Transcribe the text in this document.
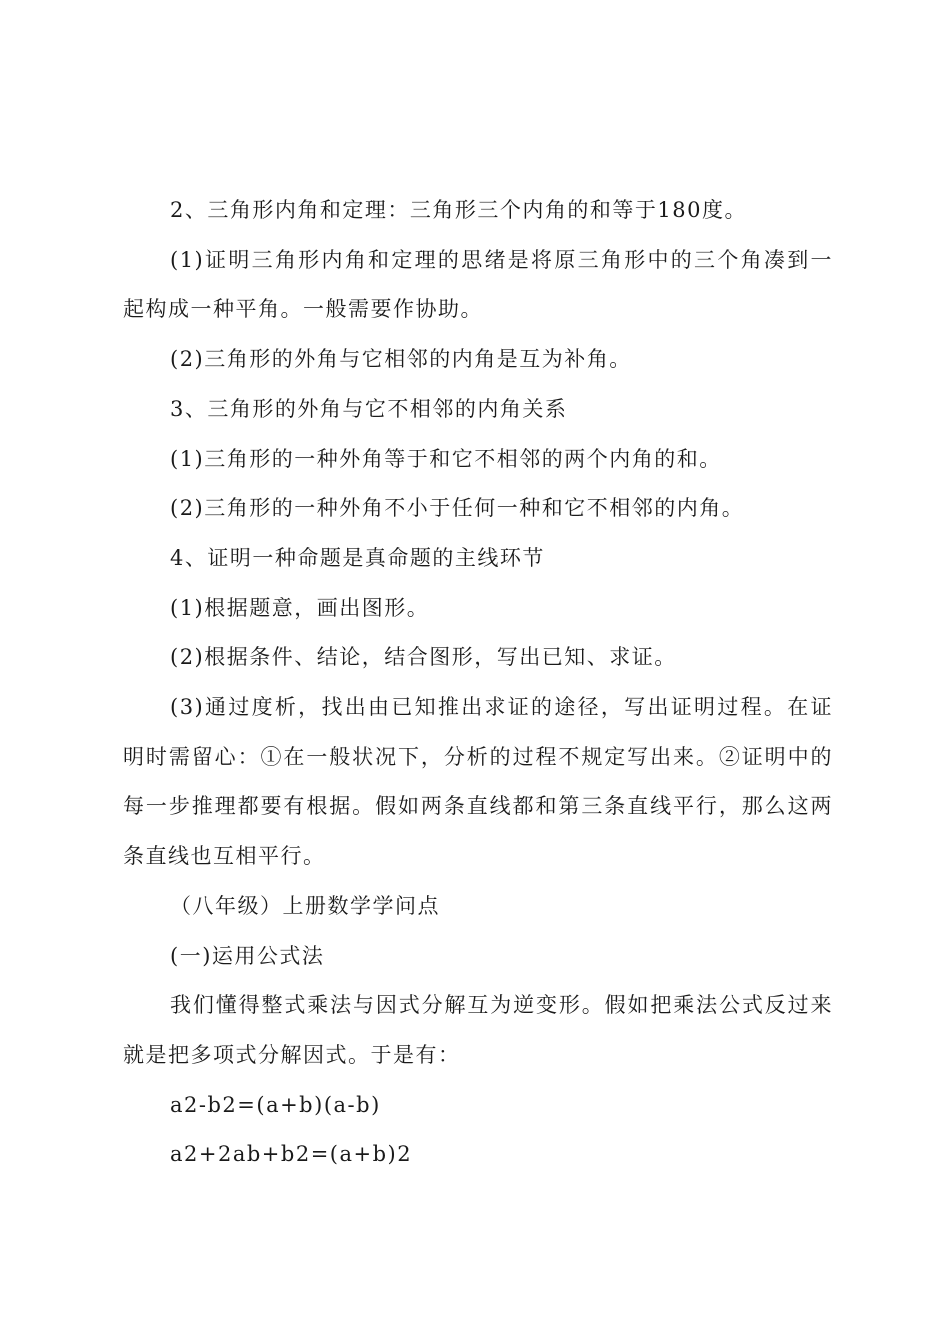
2、三角形内角和定理：三角形三个内角的和等于180度。

(1)证明三角形内角和定理的思绪是将原三角形中的三个角凑到一起构成一种平角。一般需要作协助。

(2)三角形的外角与它相邻的内角是互为补角。

3、三角形的外角与它不相邻的内角关系

(1)三角形的一种外角等于和它不相邻的两个内角的和。

(2)三角形的一种外角不小于任何一种和它不相邻的内角。

4、证明一种命题是真命题的主线环节

(1)根据题意，画出图形。

(2)根据条件、结论，结合图形，写出已知、求证。

(3)通过度析，找出由已知推出求证的途径，写出证明过程。在证明时需留心：①在一般状况下，分析的过程不规定写出来。②证明中的每一步推理都要有根据。假如两条直线都和第三条直线平行，那么这两条直线也互相平行。

（八年级）上册数学学问点

(一)运用公式法

我们懂得整式乘法与因式分解互为逆变形。假如把乘法公式反过来就是把多项式分解因式。于是有：

a2-b2=(a+b)(a-b)

a2+2ab+b2=(a+b)2
